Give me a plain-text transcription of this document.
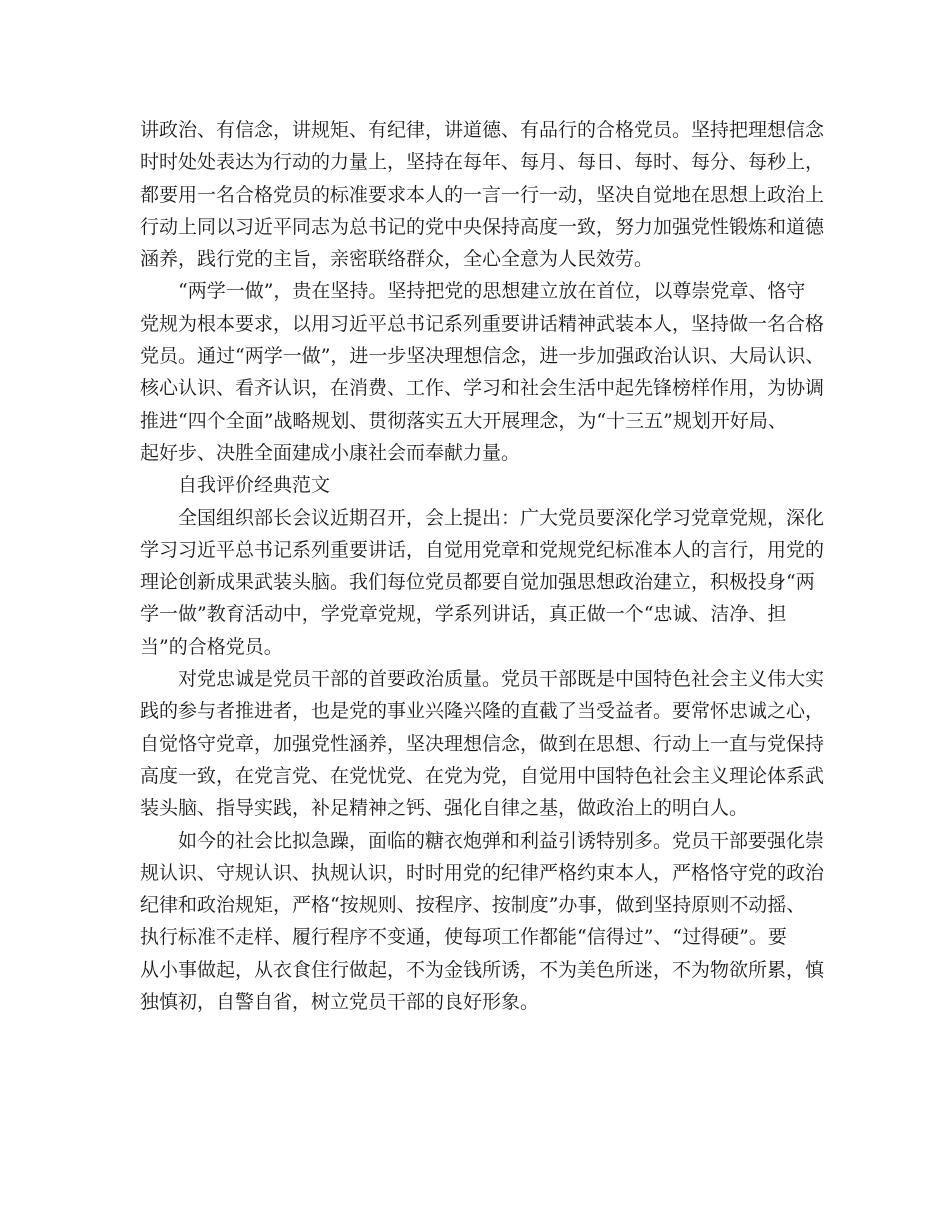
讲政治、有信念，讲规矩、有纪律，讲道德、有品行的合格党员。坚持把理想信念
时时处处表达为行动的力量上，坚持在每年、每月、每日、每时、每分、每秒上，
都要用一名合格党员的标准要求本人的一言一行一动，坚决自觉地在思想上政治上
行动上同以习近平同志为总书记的党中央保持高度一致，努力加强党性锻炼和道德
涵养，践行党的主旨，亲密联络群众，全心全意为人民效劳。
“两学一做”，贵在坚持。坚持把党的思想建立放在首位，以尊崇党章、恪守
党规为根本要求，以用习近平总书记系列重要讲话精神武装本人，坚持做一名合格
党员。通过“两学一做”，进一步坚决理想信念，进一步加强政治认识、大局认识、
核心认识、看齐认识，在消费、工作、学习和社会生活中起先锋榜样作用，为协调
推进“四个全面”战略规划、贯彻落实五大开展理念，为“十三五”规划开好局、
起好步、决胜全面建成小康社会而奉献力量。
自我评价经典范文
全国组织部长会议近期召开，会上提出：广大党员要深化学习党章党规，深化
学习习近平总书记系列重要讲话，自觉用党章和党规党纪标准本人的言行，用党的
理论创新成果武装头脑。我们每位党员都要自觉加强思想政治建立，积极投身“两
学一做”教育活动中，学党章党规，学系列讲话，真正做一个“忠诚、洁净、担
当”的合格党员。
对党忠诚是党员干部的首要政治质量。党员干部既是中国特色社会主义伟大实
践的参与者推进者，也是党的事业兴隆兴隆的直截了当受益者。要常怀忠诚之心，
自觉恪守党章，加强党性涵养，坚决理想信念，做到在思想、行动上一直与党保持
高度一致，在党言党、在党忧党、在党为党，自觉用中国特色社会主义理论体系武
装头脑、指导实践，补足精神之钙、强化自律之基，做政治上的明白人。
如今的社会比拟急躁，面临的糖衣炮弹和利益引诱特别多。党员干部要强化崇
规认识、守规认识、执规认识，时时用党的纪律严格约束本人，严格恪守党的政治
纪律和政治规矩，严格“按规则、按程序、按制度”办事，做到坚持原则不动摇、
执行标准不走样、履行程序不变通，使每项工作都能“信得过”、“过得硬”。要
从小事做起，从衣食住行做起，不为金钱所诱，不为美色所迷，不为物欲所累，慎
独慎初，自警自省，树立党员干部的良好形象。
